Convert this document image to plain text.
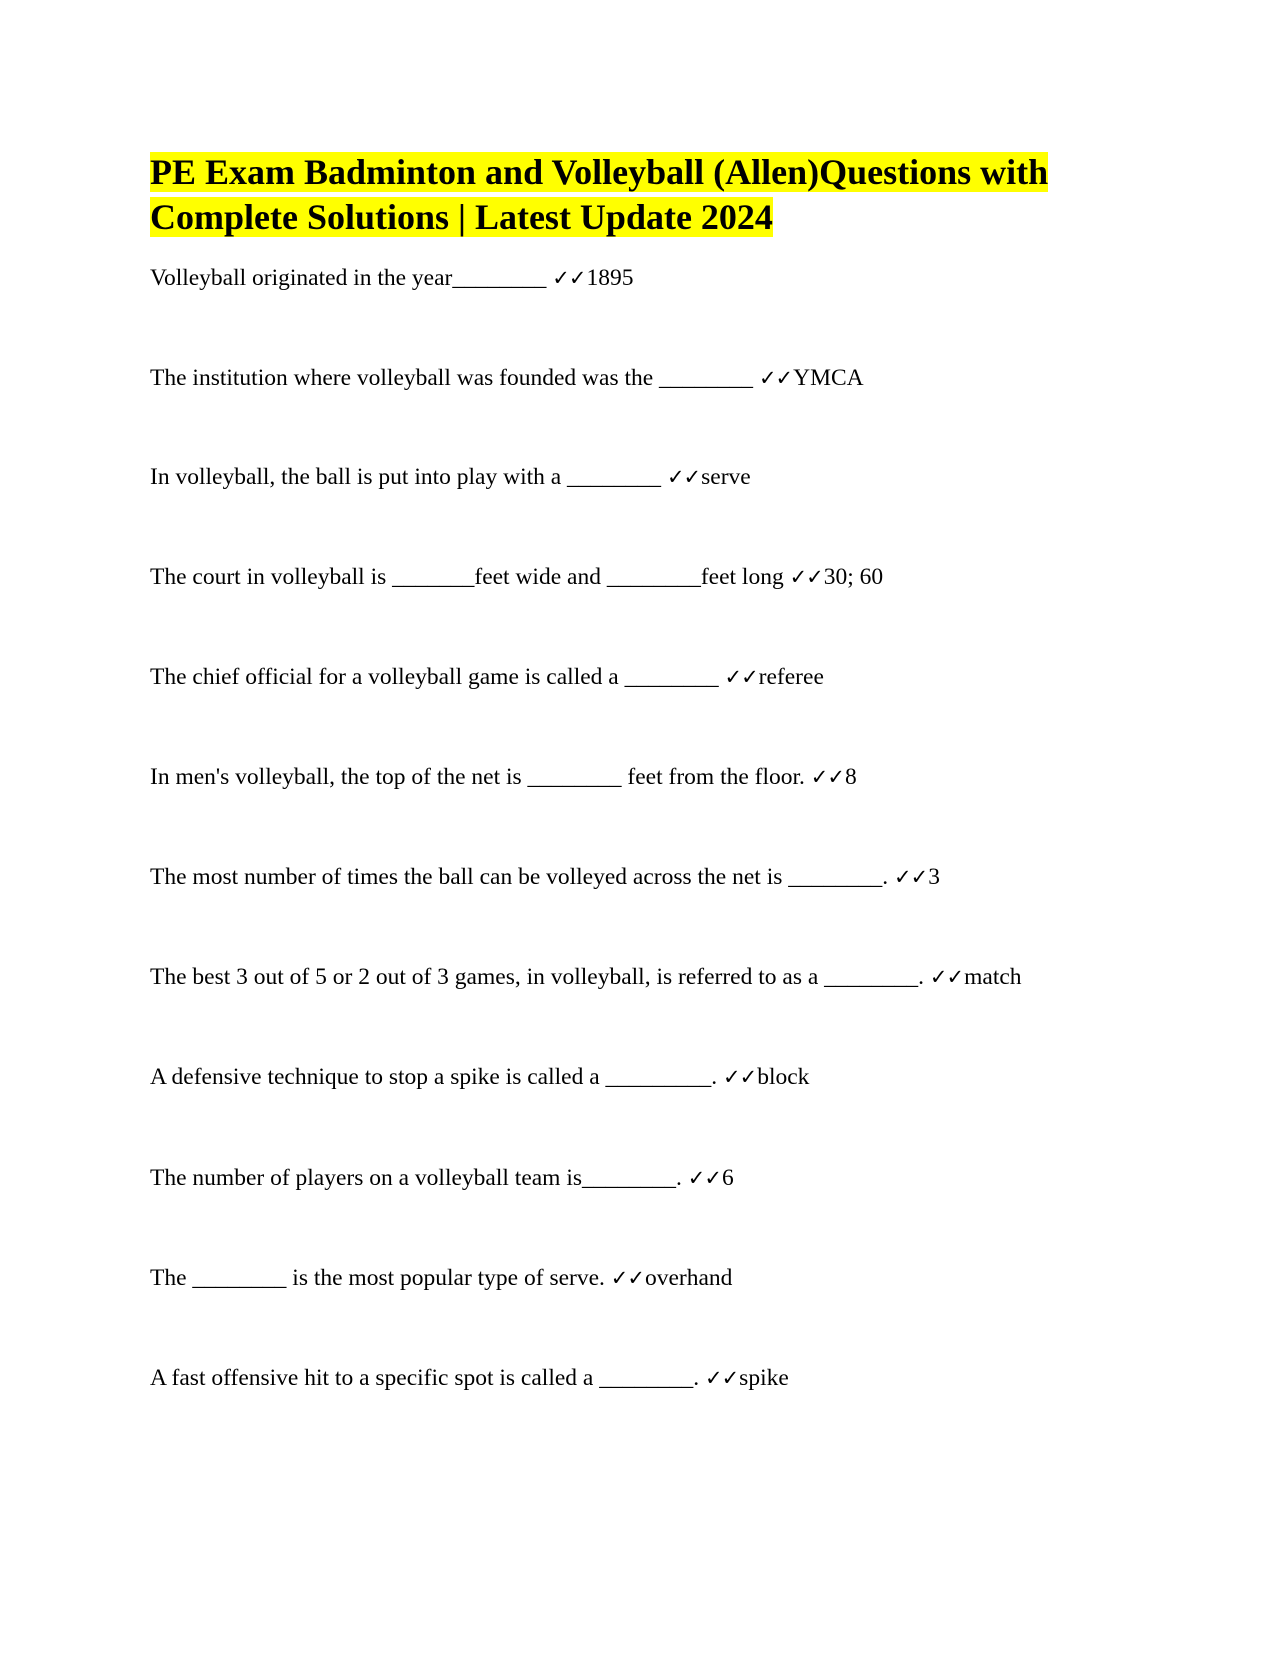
PE Exam Badminton and Volleyball (Allen)Questions with
Complete Solutions | Latest Update 2024

Volleyball originated in the year________ ✓✓1895

The institution where volleyball was founded was the ________ ✓✓YMCA

In volleyball, the ball is put into play with a ________ ✓✓serve

The court in volleyball is _______feet wide and ________feet long ✓✓30; 60

The chief official for a volleyball game is called a ________ ✓✓referee

In men's volleyball, the top of the net is ________ feet from the floor. ✓✓8

The most number of times the ball can be volleyed across the net is ________. ✓✓3

The best 3 out of 5 or 2 out of 3 games, in volleyball, is referred to as a ________. ✓✓match

A defensive technique to stop a spike is called a _________. ✓✓block

The number of players on a volleyball team is________. ✓✓6

The ________ is the most popular type of serve. ✓✓overhand

A fast offensive hit to a specific spot is called a ________. ✓✓spike
